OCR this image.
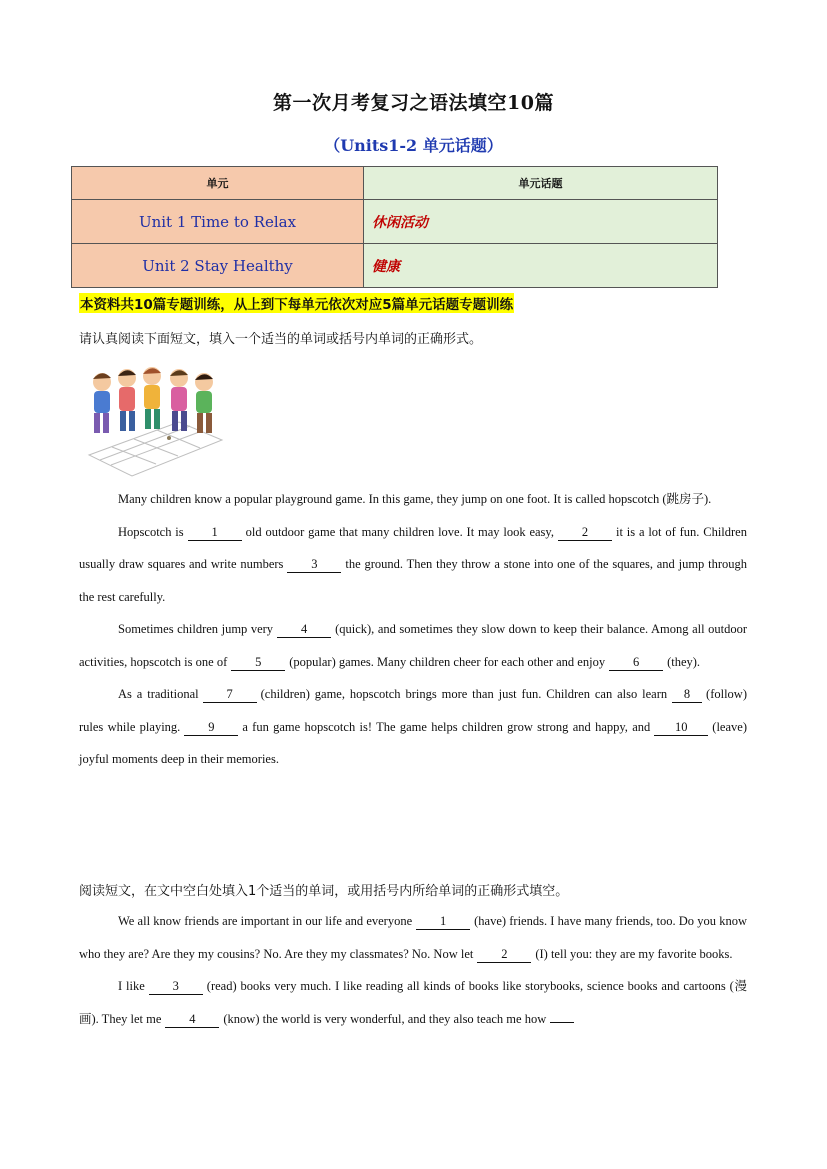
第一次月考复习之语法填空10篇
（Units1-2 单元话题）
单元	单元话题
Unit 1 Time to Relax	休闲活动
Unit 2 Stay Healthy	健康
本资料共10篇专题训练，从上到下每单元依次对应5篇单元话题专题训练
请认真阅读下面短文，填入一个适当的单词或括号内单词的正确形式。

Many children know a popular playground game. In this game, they jump on one foot. It is called hopscotch (跳房子).

Hopscotch is 1 old outdoor game that many children love. It may look easy, 2 it is a lot of fun. Children usually draw squares and write numbers 3 the ground. Then they throw a stone into one of the squares, and jump through the rest carefully.

Sometimes children jump very 4 (quick), and sometimes they slow down to keep their balance. Among all outdoor activities, hopscotch is one of 5 (popular) games. Many children cheer for each other and enjoy 6 (they).

As a traditional 7 (children) game, hopscotch brings more than just fun. Children can also learn 8 (follow) rules while playing. 9 a fun game hopscotch is! The game helps children grow strong and happy, and 10 (leave) joyful moments deep in their memories.

阅读短文，在文中空白处填入1个适当的单词，或用括号内所给单词的正确形式填空。

We all know friends are important in our life and everyone 1 (have) friends. I have many friends, too. Do you know who they are? Are they my cousins? No. Are they my classmates? No. Now let 2 (I) tell you: they are my favorite books.

I like 3 (read) books very much. I like reading all kinds of books like storybooks, science books and cartoons (漫画). They let me 4 (know) the world is very wonderful, and they also teach me how
